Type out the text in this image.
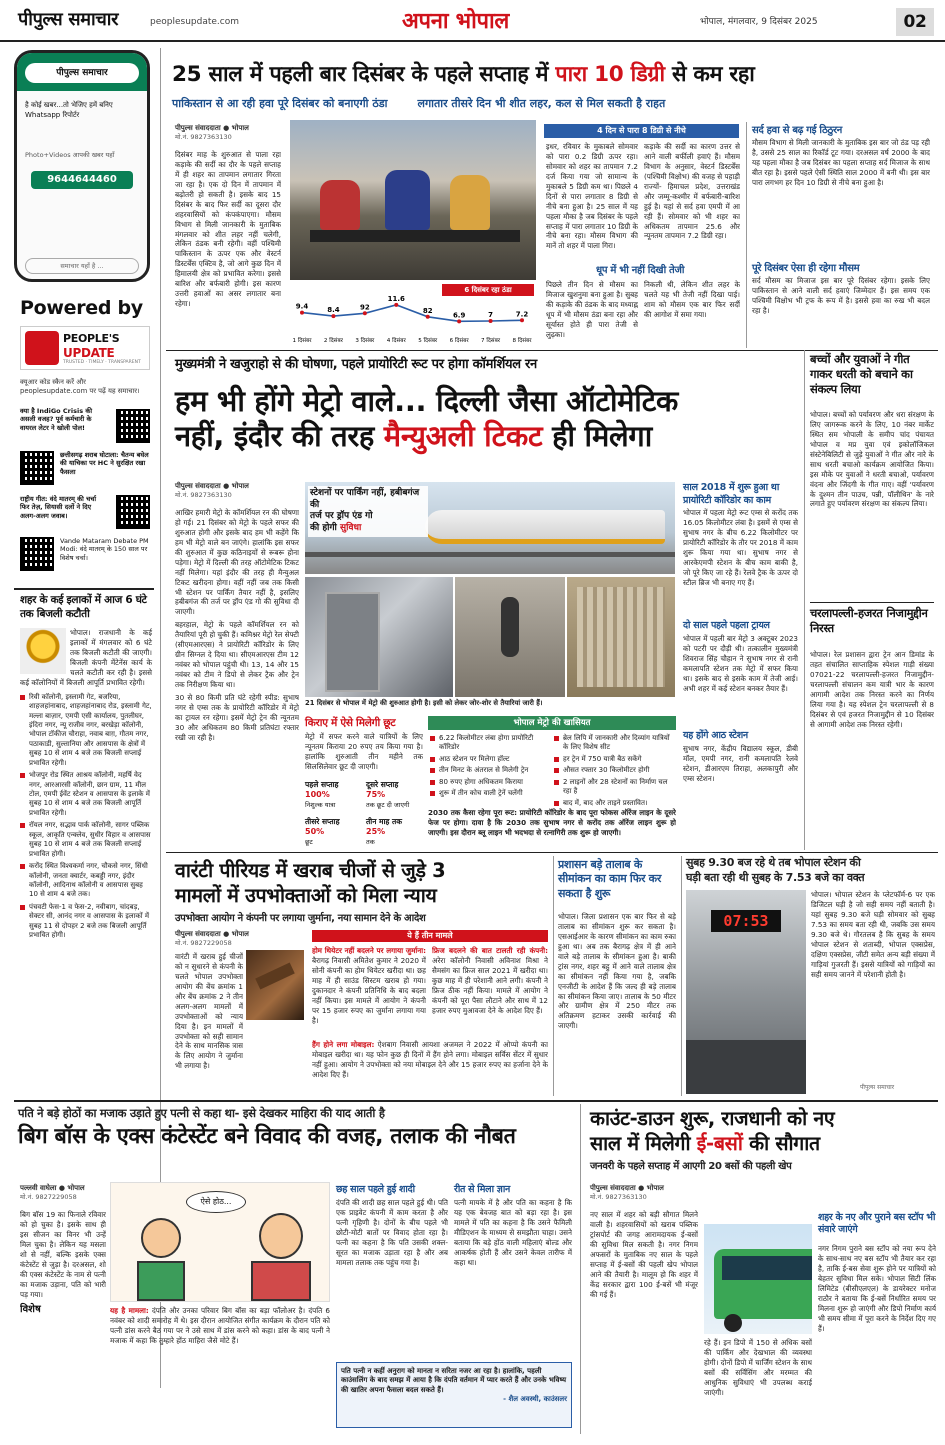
पीपुल्स समाचार	peoplesupdate.com	अपना भोपाल	भोपाल, मंगलवार, 9 दिसंबर 2025	02
पीपुल्स समाचार
है कोई खबर...तो भेजिए हमें बनिए Whatsapp रिपोर्टर
Photo+Videos आपकी खबर यहाँ
9644644460
समाचार यहाँ है ...
Powered by
PEOPLE'S
UPDATE
TRUSTED · TIMELY · TRANSPARENT
क्यूआर कोड स्कैन करें और peoplesupdate.com पर पढ़ें यह समाचार।
क्या है IndiGo Crisis की असली वजह? पूर्व कर्मचारी के वायरल लेटर ने खोली पोल!
छत्तीसगढ़ शराब घोटाला: चैतन्य बघेल की याचिका पर HC ने सुरक्षित रखा फैसला
राष्ट्रीय गीत: वंदे मातरम् की चर्चा फिर तेज़, सियासी दलों ने दिए अलग-अलग जवाब।
Vande Mataram Debate PM Modi: वंदे मातरम् के 150 साल पर विशेष चर्चा।
शहर के कई इलाकों में आज 6 घंटे तक बिजली कटौती

भोपाल। राजधानी के कई इलाकों में मंगलवार को 6 घंटे तक बिजली कटौती की जाएगी। बिजली कंपनी मेंटेनेंस कार्य के चलते कटौती कर रही है। इससे कई कॉलोनियों में बिजली आपूर्ति प्रभावित रहेगी।

रिवी कॉलोनी, इस्लामी गेट, बजरिया, शाहजहांनाबाद, शाहजहांनाबाद रोड, इस्लामी गेट, मल्ला बाज़ार, एमपी एसी कार्यालय, पुतलीघर, इंदिरा नगर, न्यू राजीव नगर, बरखेड़ा कॉलोनी, भोपाल टॉकीज चौराहा, नवाब बाग़, गौतम नगर, पठाकाडी, सुल्तानिया और आसपास के क्षेत्रों में सुबह 10 से शाम 4 बजे तक बिजली सप्लाई प्रभावित रहेगी।
भोजपुर रोड स्थित आश्रय कॉलोनी, महर्षि वेद नगर, आरआरसी कॉलोनी, छान ग्राम, 11 मील टोल, एमपी ईवेंट स्टेशन व आसपास के इलाके में सुबह 10 से शाम 4 बजे तक बिजली आपूर्ति प्रभावित रहेगी।
रॉयल नगर, सद्भाव पार्क कॉलोनी, सागर पब्लिक स्कूल, आकृति एन्क्लेव, सुधीर विहार व आसपास सुबह 10 से शाम 4 बजे तक बिजली सप्लाई प्रभावित होगी।
करोंद स्थित विश्वकर्मा नगर, चौकसे नगर, सिंधी कॉलोनी, जनता क्वार्टर, कबड्डी नगर, इंदौर कॉलोनी, आदिनाथ कॉलोनी व आसपास सुबह 10 से शाम 4 बजे तक।
पंचवटी फेस-1 व फेस-2, नवीबाग, चांदबड़, सेक्टर सी, आनंद नगर व आसपास के इलाकों में सुबह 11 से दोपहर 2 बजे तक बिजली आपूर्ति प्रभावित होगी।
25 साल में पहली बार दिसंबर के पहले सप्ताह में पारा 10 डिग्री से कम रहा
पाकिस्तान से आ रही हवा पूरे दिसंबर को बनाएगी ठंडा	लगातार तीसरे दिन भी शीत लहर, कल से मिल सकती है राहत
पीपुल्स संवाददाता ● भोपाल
मो.नं. 9827363130

दिसंबर माह के शुरुआत से पाला रहा कड़ाके की सर्दी का दौर के पहले सप्ताह में ही शहर का तापमान लगातार गिरता जा रहा है। एक दो दिन में तापमान में बढ़ोतरी हो सकती है। इसके बाद 15 दिसंबर के बाद फिर सर्दी का दूसरा दौर शहरवासियों को कंपकंपाएगा। मौसम विभाग से मिली जानकारी के मुताबिक मंगलवार को शीत लहर नहीं चलेगी, लेकिन ठंडक बनी रहेगी। वहीं पश्चिमी पाकिस्तान के ऊपर एक और वेस्टर्न डिस्टर्बेंस एक्टिव है, जो आगे कुछ दिन में हिमालयी क्षेत्र को प्रभावित करेगा। इससे बारिश और बर्फबारी होगी। इस कारण उत्तरी हवाओं का असर लगातार बना रहेगा।

6 दिसंबर रहा ठंडा
9.4
1 दिसंबर
8.4
2 दिसंबर
92
3 दिसंबर
11.6
4 दिसंबर
82
5 दिसंबर
6.9
6 दिसंबर
7
7 दिसंबर
7.2
8 दिसंबर
4 दिन से पारा 8 डिग्री से नीचे

इधर, रविवार के मुकाबले सोमवार को पारा 0.2 डिग्री ऊपर रहा। सोमवार को शहर का तापमान 7.2 दर्ज किया गया जो सामान्य के मुकाबले 5 डिग्री कम था। पिछले 4 दिनों से पारा लगातार 8 डिग्री से नीचे बना हुआ है। 25 साल में यह पहला मौका है जब दिसंबर के पहले सप्ताह में पारा लगातार 10 डिग्री के नीचे बना रहा। मौसम विभाग की मानें तो शहर में पाला गिरा।

कड़ाके की सर्दी का कारण उत्तर से आने वाली बर्फीली हवाएं हैं। मौसम विभाग के अनुसार, वेस्टर्न डिस्टर्बेंस (पश्चिमी विक्षोभ) की वजह से पहाड़ी राज्यों- हिमाचल प्रदेश, उत्तराखंड और जम्मू-कश्मीर में बर्फबारी-बारिश हुई है। यहां से सर्द हवा एमपी में आ रही हैं। सोमवार को भी शहर का अधिकतम तापमान 25.6 और न्यूनतम तापमान 7.2 डिग्री रहा।

धूप में भी नहीं दिखी तेजी

पिछले तीन दिन से मौसम का मिजाज खुशनुमा बना हुआ है। सुबह की कड़ाके की ठंडक के बाद मध्याह्न धूप में भी मौसम ठंडा बना रहा और सूर्यास्त होते ही पारा तेजी से लुढ़का।

निकली थी, लेकिन शीत लहर के चलते यह भी तेजी नहीं दिखा पाई। शाम को मौसम एक बार फिर सर्दी की आगोश में समा गया।

सर्द हवा से बढ़ गई ठिठुरन

मौसम विभाग से मिली जानकारी के मुताबिक इस बार जो ठंड पड़ रही है, उससे 25 साल का रिकॉर्ड टूट गया। दरअसल वर्ष 2000 के बाद यह पहला मौका है जब दिसंबर का पहला सप्ताह सर्द मिजाज के साथ बीत रहा है। इससे पहले ऐसी स्थिति साल 2000 में बनी थी। इस बार पारा लगभग हर दिन 10 डिग्री से नीचे बना हुआ है।

पूरे दिसंबर ऐसा ही रहेगा मौसम

सर्द मौसम का मिजाज इस बार पूरे दिसंबर रहेगा। इसके लिए पाकिस्तान से आने वाली सर्द हवाएं जिम्मेदार हैं। इस समय एक पश्चिमी विक्षोभ भी ट्रफ के रूप में है। इससे हवा का रुख भी बदल रहा है।

मुख्यमंत्री ने खजुराहो से की घोषणा, पहले प्रायोरिटी रूट पर होगा कॉमर्शियल रन
हम भी होंगे मेट्रो वाले... दिल्ली जैसा ऑटोमेटिक
नहीं, इंदौर की तरह मैन्युअली टिकट ही मिलेगा
पीपुल्स संवाददाता ● भोपाल
मो.नं. 9827363130

आखिर हमारी मेट्रो के कॉमर्शियल रन की घोषणा हो गई। 21 दिसंबर को मेट्रो के पहले सफर की शुरुआत होगी और इसके बाद हम भी कहेंगे कि हम भी मेट्रो वाले बन जाएंगे। हालांकि इस सफर की शुरुआत में कुछ कठिनाइयों से रूबरू होना पड़ेगा। मेट्रो में दिल्ली की तरह ऑटोमेटिक टिकट नहीं मिलेगा। यहां इंदौर की तरह ही मैन्युअल टिकट खरीदना होगा। वहीं नहीं जब तक किसी भी स्टेशन पर पार्किंग तैयार नहीं है, इसलिए हबीबगंज की तर्ज पर ड्रॉप एंड गो की सुविधा दी जाएगी।

बहरहाल, मेट्रो के पहले कॉमर्शियल रन को तैयारियां पूरी हो चुकी हैं। कमिश्नर मेट्रो रेल सेफ्टी (सीएमआरएस) ने प्रायोरिटी कॉरिडोर के लिए ग्रीन सिग्नल दे दिया था। सीएमआरएस टीम 12 नवंबर को भोपाल पहुंची थी। 13, 14 और 15 नवंबर को टीम ने डिपो से लेकर ट्रैक और ट्रेन तक निरीक्षण किया था।

30 से 80 किमी प्रति घंटे रहेगी स्पीड: सुभाष नगर से एम्स तक के प्रायोरिटी कॉरिडोर में मेट्रो का ट्रायल रन रहेगा। इसमें मेट्रो ट्रेन की न्यूनतम 30 और अधिकतम 80 किमी प्रतिघंटा रफ्तार रखी जा रही है।

स्टेशनों पर पार्किंग नहीं, हबीबगंज की
तर्ज पर ड्रॉप एंड गो
की होगी सुविधा
21 दिसंबर से भोपाल में मेट्रो की शुरुआत होगी है। इसी को लेकर जोर-शोर से तैयारियां जारी हैं।
किराए में ऐसे मिलेगी छूट

मेट्रो में सफर करने वाले यात्रियों के लिए न्यूनतम किराया 20 रुपए तय किया गया है। हालांकि शुरुआती तीन महीने तक सिलसिलेवार छूट दी जाएगी।

पहले सप्ताह
100%
निशुल्क यात्रा
दूसरे सप्ताह
75%
तक छूट दी जाएगी
तीसरे सप्ताह
50%
छूट
तीन माह तक
25%
तक
भोपाल मेट्रो की खासियत
6.22 किलोमीटर लंबा होगा प्रायोरिटी कॉरिडोर
आठ स्टेशन पर मिलेगा हॉल्ट
तीन मिनट के अंतराल से मिलेगी ट्रेन
80 रुपए होगा अधिकतम किराया
शुरू में तीन कोच वाली ट्रेनें चलेंगी
ब्रेल लिपि में जानकारी और दिव्यांग यात्रियों के लिए विशेष सीट
हर ट्रेन में 750 यात्री बैठ सकेंगे
औसत रफ्तार 30 किलोमीटर होगी
2 लाइनों और 28 स्टेशनों का निर्माण चल रहा है
बाद में, बाद और ताइने प्रस्तावित।

2030 तक कैसा रहेगा पूरा रूट: प्रायोरिटी कॉरिडोर के बाद पूरा फोकस ऑरेंज लाइन के दूसरे फेज पर होगा। दावा है कि 2030 तक सुभाष नगर से करोंद तक ऑरेंज लाइन शुरू हो जाएगी। इस दौरान ब्लू लाइन भी भदभदा से रत्नागिरी तक शुरू हो जाएगी।

साल 2018 में शुरू हुआ था प्रायोरिटी कॉरिडोर का काम

भोपाल में पहला मेट्रो रूट एम्स से करोंद तक 16.05 किलोमीटर लंबा है। इसमें से एम्स से सुभाष नगर के बीच 6.22 किलोमीटर पर प्रायोरिटी कॉरिडोर के तौर पर 2018 में काम शुरू किया गया था। सुभाष नगर से आरकेएमपी स्टेशन के बीच काम बाकी है, जो पूरे किए जा रहे हैं। रेलवे ट्रैक के ऊपर दो स्टील ब्रिज भी बनाए गए हैं।

दो साल पहले पहला ट्रायल

भोपाल में पहली बार मेट्रो 3 अक्टूबर 2023 को पटरी पर दौड़ी थी। तत्कालीन मुख्यमंत्री शिवराज सिंह चौहान ने सुभाष नगर से रानी कमलापति स्टेशन तक मेट्रो में सफर किया था। इसके बाद से इसके काम में तेजी आई। अभी शहर में कई स्टेशन बनकर तैयार हैं।

यह होंगे आठ स्टेशन

सुभाष नगर, केंद्रीय विद्यालय स्कूल, डीबी मॉल, एमपी नगर, रानी कमलापति रेलवे स्टेशन, डीआरएम तिराहा, अलकापुरी और एम्स स्टेशन।

बच्चों और युवाओं ने गीत गाकर धरती को बचाने का संकल्प लिया

भोपाल। बच्चों को पर्यावरण और धरा संरक्षण के लिए जागरूक करने के लिए, 10 नंबर मार्केट स्थित सम भोपाली के समीप चांद पंचायत भोपाल व मप्र युवा एवं इकोलॉजिकल संस्टेनेबिलिटी से जुड़े युवाओं ने गीत और नारे के साथ धरती बचाओ कार्यक्रम आयोजित किया। इस मौके पर युवाओं ने धरती बचाओ, पर्यावरण वंदना और जिंदगी के गीत गाए। वहीं 'पर्यावरण के दुश्मन तीन पाउच, पन्नी, पॉलीथिन' के नारे लगाते हुए पर्यावरण संरक्षण का संकल्प लिया।

चरलापल्ली-हजरत निजामुद्दीन निरस्त

भोपाल। रेल प्रशासन द्वारा ट्रेन आन डिमांड के तहत संचालित साप्ताहिक स्पेशल गाड़ी संख्या 07021-22 चरलापल्ली-हजरत निजामुद्दीन-चरलापल्ली संचालन कम यात्री भार के कारण आगामी आदेश तक निरस्त करने का निर्णय लिया गया है। यह स्पेशल ट्रेन चरलापल्ली से 8 दिसंबर से एवं हजरत निजामुद्दीन से 10 दिसंबर से आगामी आदेश तक निरस्त रहेगी।

वारंटी पीरियड में खराब चीजों से जुड़े 3
मामलों में उपभोक्ताओं को मिला न्याय
उपभोक्ता आयोग ने कंपनी पर लगाया जुर्माना, नया सामान देने के आदेश
पीपुल्स संवाददाता ● भोपाल
मो.नं. 9827229058

वारंटी में खराब हुई चीजों को न सुधारने से कंपनी के चलते भोपाल उपभोक्ता आयोग की बेंच क्रमांक 1 और बेंच क्रमांक 2 ने तीन अलग-अलग मामलों में उपभोक्ताओं को न्याय दिया है। इन मामलों में उपभोक्ता को सही सामान देने के साथ मानसिक त्रास के लिए आयोग ने जुर्माना भी लगाया है।

ये हैं तीन मामले

होम थियेटर नहीं बदलने पर लगाया जुर्माना: बैरागढ़ निवासी अमितेश कुमार ने 2020 में सोनी कंपनी का होम थियेटर खरीदा था। छह माह में ही साउंड सिस्टम खराब हो गया। दुकानदार ने कंपनी प्रतिनिधि के बाद बदला नहीं किया। इस मामले में आयोग ने कंपनी पर 15 हजार रुपए का जुर्माना लगाया गया है।

फ्रिज बदलने की बात टालती रही कंपनी: अरेरा कॉलोनी निवासी अविनाश मिश्रा ने सैमसंग का फ्रिज साल 2021 में खरीदा था। कुछ माह में ही परेशानी आने लगी। कंपनी ने फ्रिज ठीक नहीं किया। मामले में आयोग ने कंपनी को पूरा पैसा लौटाने और साथ में 12 हजार रुपए मुआवजा देने के आदेश दिए हैं।

हैंग होने लगा मोबाइल: ऐशबाग निवासी आयशा अजमल ने 2022 में ओप्पो कंपनी का मोबाइल खरीदा था। यह फोन कुछ ही दिनों में हैंग होने लगा। मोबाइल सर्विस सेंटर में सुधार नहीं हुआ। आयोग ने उपभोक्ता को नया मोबाइल देने और 15 हजार रुपए का हर्जाना देने के आदेश दिए हैं।

प्रशासन बड़े तालाब के सीमांकन का काम फिर कर सकता है शुरू

भोपाल। जिला प्रशासन एक बार फिर से बड़े तालाब का सीमांकन शुरू कर सकता है। एसआईआर के कारण सीमांकन का काम रुका हुआ था। अब तक बैरागढ़ क्षेत्र में ही आने वाले बड़े तालाब के सीमांकन हुआ है। बाकी ट्रांस नगर, शहर बहु में आने वाले तालाब क्षेत्र का सीमांकन नहीं किया गया है, जबकि एनजीटी के आदेश हैं कि जल्द ही बड़े तालाब का सीमांकन किया जाए। तालाब के 50 मीटर और ग्रामीण क्षेत्र में 250 मीटर तक अतिक्रमण हटाकर उसकी कार्रवाई की जाएगी।

सुबह 9.30 बज रहे थे तब भोपाल स्टेशन की
घड़ी बता रही थी सुबह के 7.53 बजे का वक्त
07:53

भोपाल। भोपाल स्टेशन के प्लेटफॉर्म-6 पर एक डिजिटल घड़ी है जो सही समय नहीं बताती है। यहां सुबह 9.30 बजे घड़ी सोमवार को सुबह 7.53 का समय बता रही थी, जबकि उस समय 9.30 बजे थे। गौरतलब है कि सुबह के समय भोपाल स्टेशन से शताब्दी, भोपाल एक्सप्रेस, दक्षिण एक्सप्रेस, जीटी समेत अन्य बड़ी संख्या में गाड़ियां गुजरती हैं। इससे यात्रियों को गाड़ियों का सही समय जानने में परेशानी होती है।

पीपुल्स समाचार
पति ने बड़े होठों का मजाक उड़ाते हुए पत्नी से कहा था- इसे देखकर माहिरा की याद आती है
बिग बॉस के एक्स कंटेस्टेंट बने विवाद की वजह, तलाक की नौबत
पल्लवी वाघेला ● भोपाल
मो.नं. 9827229058

बिग बॉस 19 का फिनाले रविवार को हो चुका है। इसके साथ ही इस सीजन का विनर भी उन्हें मिल चुका है। लेकिन यह मसला शो से नहीं, बल्कि इसके एक्स कंटेस्टेंट से जुड़ा है। दरअसल, शो की एक्स कंटेस्टेंट के नाम से पत्नी का मजाक उड़ाना, पति को भारी पड़ गया।

विशेष
ऐसे होठ...

यह है मामला: दंपति और उनका परिवार बिग बॉस का बड़ा फॉलोअर है। दंपति 6 नवंबर को शादी समारोह में थे। इस दौरान आयोजित संगीत कार्यक्रम के दौरान पति को पत्नी डांस करने बैठ गया पर ने उसे साथ में डांस करने को कहा। डांस के बाद पत्नी ने मजाक में कहा कि तुम्हारे होंठ माहिरा जैसे मोटे हैं।

छह साल पहले हुई शादी

दंपति की शादी छह साल पहले हुई थी। पति एक प्राइवेट कंपनी में काम करता है और पत्नी गृहिणी है। दोनों के बीच पहले भी छोटी-मोटी बातों पर विवाद होता रहा है। पत्नी का कहना है कि पति उसकी शक्ल-सूरत का मजाक उड़ाता रहा है और अब मामला तलाक तक पहुंच गया है।

रीत से मिला ज्ञान

पत्नी मायके में है और पति का कहना है कि यह एक बेवजह बात को बड़ा रहा है। इस मामले में पति का कहना है कि उसने फैमिली मीडिएशन के माध्यम से समझौता चाहा। उसने बताया कि बड़े होंठ वाली महिलाएं बोल्ड और आकर्षक होती हैं और उसने केवल तारीफ में कहा था।

पति पत्नी न कहीं अनुराग को मानता न सरिता नजर आ रहा है। हालांकि, पहली काउंसलिंग के बाद समझ में आया है कि दंपति वर्तमान में प्यार करते हैं और उनके भविष्य की खातिर अपना फैसला बदल सकते हैं।
- शैल अवस्थी, काउंसलर
काउंट-डाउन शुरू, राजधानी को नए
साल में मिलेगी ई-बसों की सौगात
जनवरी के पहले सप्ताह में आएगी 20 बसों की पहली खेप
पीपुल्स संवाददाता ● भोपाल
मो.नं. 9827363130

नए साल में शहर को बड़ी सौगात मिलने वाली है। शहरवासियों को खराब पब्लिक ट्रांसपोर्ट की जगह आरामदायक ई-बसों की सुविधा मिल सकती है। नगर निगम अफसरों के मुताबिक नए साल के पहले सप्ताह में ई-बसों की पहली खेप भोपाल आने की तैयारी है। मालूम हो कि शहर में केंद्र सरकार द्वारा 100 ई-बसें भी मंजूर की गई हैं।

रहे हैं। इन डिपो में 150 से अधिक बसों की पार्किंग और देखभाल की व्यवस्था होगी। दोनों डिपो में चार्जिंग स्टेशन के साथ बसों की सर्विसिंग और मरम्मत की आधुनिक सुविधाएं भी उपलब्ध कराई जाएंगी।

शहर के नए और पुराने बस स्टॉप भी संवारे जाएंगे

नगर निगम पुराने बस स्टॉप को नया रूप देने के साथ-साथ नए बस स्टॉप भी तैयार कर रहा है, ताकि ई-बस सेवा शुरू होने पर यात्रियों को बेहतर सुविधा मिल सके। भोपाल सिटी लिंक लिमिटेड (बीसीएलएल) के डायरेक्टर मनोज राठौर ने बताया कि ई-बसें निर्धारित समय पर मिलना शुरू हो जाएंगी और डिपो निर्माण कार्य भी समय सीमा में पूरा करने के निर्देश दिए गए हैं।
